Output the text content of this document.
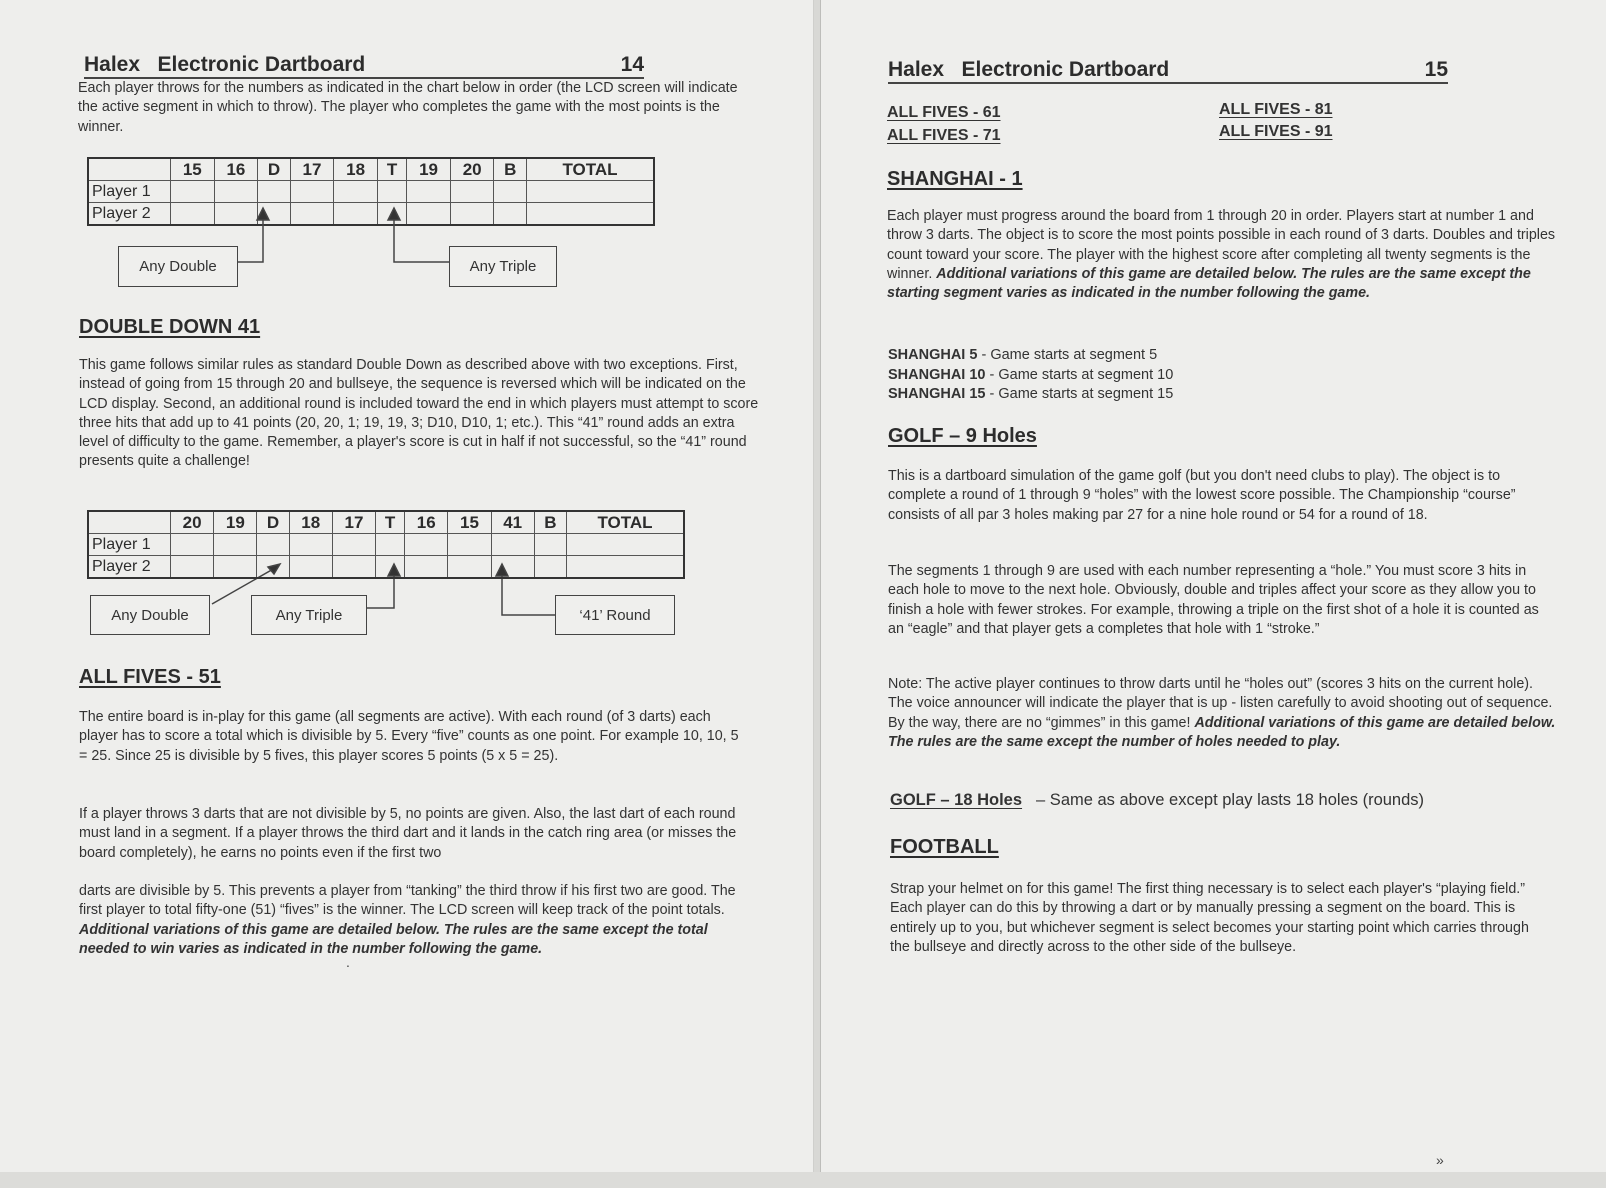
Halex   Electronic Dartboard	14

Each player throws for the numbers as indicated in the chart below in order (the LCD screen will indicate the active segment in which to throw). The player who completes the game with the most points is the winner.

	15	16	D	17	18	T	19	20	B	TOTAL
Player 1										
Player 2										
Any Double	Any Triple
DOUBLE DOWN 41

This game follows similar rules as standard Double Down as described above with two exceptions. First, instead of going from 15 through 20 and bullseye, the sequence is reversed which will be indicated on the LCD display. Second, an additional round is included toward the end in which players must attempt to score three hits that add up to 41 points (20, 20, 1; 19, 19, 3; D10, D10, 1; etc.). This “41” round adds an extra level of difficulty to the game. Remember, a player's score is cut in half if not successful, so the “41” round presents quite a challenge!

	20	19	D	18	17	T	16	15	41	B	TOTAL
Player 1											
Player 2											
Any Double	Any Triple	‘41’ Round
ALL FIVES - 51

The entire board is in-play for this game (all segments are active). With each round (of 3 darts) each player has to score a total which is divisible by 5. Every “five” counts as one point. For example 10, 10, 5 = 25. Since 25 is divisible by 5 fives, this player scores 5 points (5 x 5 = 25).

If a player throws 3 darts that are not divisible by 5, no points are given. Also, the last dart of each round must land in a segment. If a player throws the third dart and it lands in the catch ring area (or misses the board completely), he earns no points even if the first two

darts are divisible by 5. This prevents a player from “tanking” the third throw if his first two are good. The first player to total fifty-one (51) “fives” is the winner. The LCD screen will keep track of the point totals. Additional variations of this game are detailed below. The rules are the same except the total needed to win varies as indicated in the number following the game.

.
Halex   Electronic Dartboard	15
ALL FIVES - 61
ALL FIVES - 71
ALL FIVES - 81
ALL FIVES - 91
SHANGHAI - 1

Each player must progress around the board from 1 through 20 in order. Players start at number 1 and throw 3 darts. The object is to score the most points possible in each round of 3 darts. Doubles and triples count toward your score. The player with the highest score after completing all twenty segments is the winner. Additional variations of this game are detailed below. The rules are the same except the starting segment varies as indicated in the number following the game.

SHANGHAI 5 - Game starts at segment 5
SHANGHAI 10 - Game starts at segment 10
SHANGHAI 15 - Game starts at segment 15
GOLF – 9 Holes

This is a dartboard simulation of the game golf (but you don't need clubs to play). The object is to complete a round of 1 through 9 “holes” with the lowest score possible. The Championship “course” consists of all par 3 holes making par 27 for a nine hole round or 54 for a round of 18.

The segments 1 through 9 are used with each number representing a “hole.” You must score 3 hits in each hole to move to the next hole. Obviously, double and triples affect your score as they allow you to finish a hole with fewer strokes. For example, throwing a triple on the first shot of a hole it is counted as an “eagle” and that player gets a completes that hole with 1 “stroke.”

Note: The active player continues to throw darts until he “holes out” (scores 3 hits on the current hole). The voice announcer will indicate the player that is up - listen carefully to avoid shooting out of sequence. By the way, there are no “gimmes” in this game! Additional variations of this game are detailed below. The rules are the same except the number of holes needed to play.

GOLF – 18 Holes – Same as above except play lasts 18 holes (rounds)
FOOTBALL

Strap your helmet on for this game! The first thing necessary is to select each player's “playing field.” Each player can do this by throwing a dart or by manually pressing a segment on the board. This is entirely up to you, but whichever segment is select becomes your starting point which carries through the bullseye and directly across to the other side of the bullseye.

»
